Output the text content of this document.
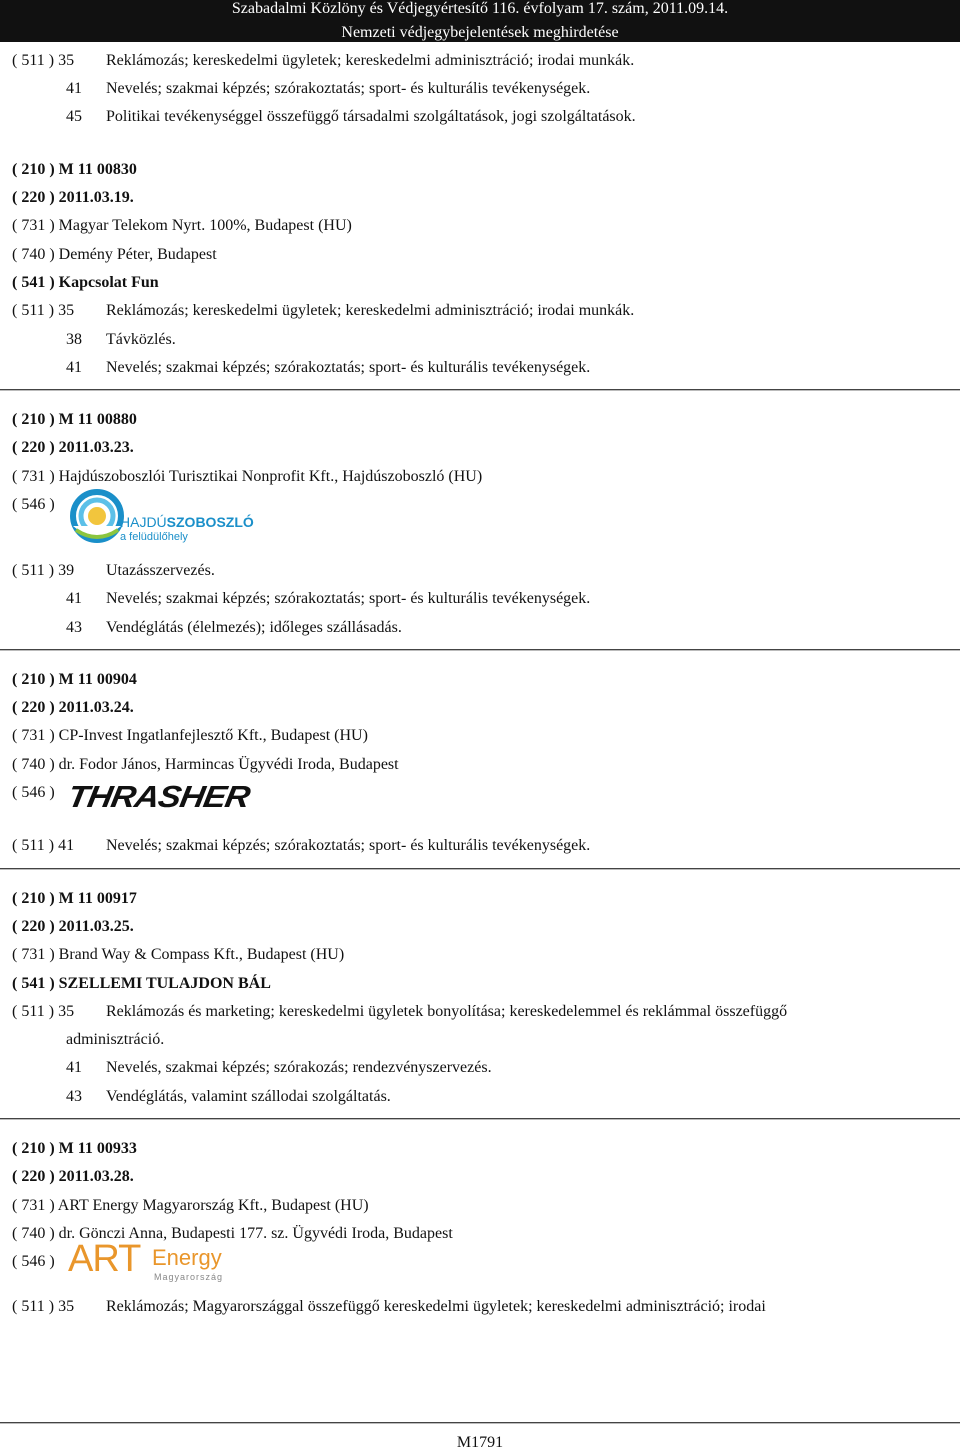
Szabadalmi Közlöny és Védjegyértesítő 116. évfolyam 17. szám, 2011.09.14.
Nemzeti védjegybejelentések meghirdetése
( 511 ) 35 Reklámozás; kereskedelmi ügyletek; kereskedelmi adminisztráció; irodai munkák.
41 Nevelés; szakmai képzés; szórakoztatás; sport- és kulturális tevékenységek.
45 Politikai tevékenységgel összefüggő társadalmi szolgáltatások, jogi szolgáltatások.
( 210 ) M 11 00830
( 220 ) 2011.03.19.
( 731 ) Magyar Telekom Nyrt. 100%, Budapest (HU)
( 740 ) Demény Péter, Budapest
( 541 ) Kapcsolat Fun
( 511 ) 35 Reklámozás; kereskedelmi ügyletek; kereskedelmi adminisztráció; irodai munkák.
38 Távközlés.
41 Nevelés; szakmai képzés; szórakoztatás; sport- és kulturális tevékenységek.
( 210 ) M 11 00880
( 220 ) 2011.03.23.
( 731 ) Hajdúszoboszlói Turisztikai Nonprofit Kft., Hajdúszoboszló (HU)
( 546 )
HAJDÚSZOBOSZLÓ
a felüdülőhely
( 511 ) 39 Utazásszervezés.
41 Nevelés; szakmai képzés; szórakoztatás; sport- és kulturális tevékenységek.
43 Vendéglátás (élelmezés); időleges szállásadás.
( 210 ) M 11 00904
( 220 ) 2011.03.24.
( 731 ) CP-Invest Ingatlanfejlesztő Kft., Budapest (HU)
( 740 ) dr. Fodor János, Harmincas Ügyvédi Iroda, Budapest
( 546 ) THRASHER
( 511 ) 41 Nevelés; szakmai képzés; szórakoztatás; sport- és kulturális tevékenységek.
( 210 ) M 11 00917
( 220 ) 2011.03.25.
( 731 ) Brand Way & Compass Kft., Budapest (HU)
( 541 ) SZELLEMI TULAJDON BÁL
( 511 ) 35 Reklámozás és marketing; kereskedelmi ügyletek bonyolítása; kereskedelemmel és reklámmal összefüggő
adminisztráció.
41 Nevelés, szakmai képzés; szórakozás; rendezvényszervezés.
43 Vendéglátás, valamint szállodai szolgáltatás.
( 210 ) M 11 00933
( 220 ) 2011.03.28.
( 731 ) ART Energy Magyarország Kft., Budapest (HU)
( 740 ) dr. Gönczi Anna, Budapesti 177. sz. Ügyvédi Iroda, Budapest
( 546 ) ART Energy
Magyarország
( 511 ) 35 Reklámozás; Magyarországgal összefüggő kereskedelmi ügyletek; kereskedelmi adminisztráció; irodai
M1791
